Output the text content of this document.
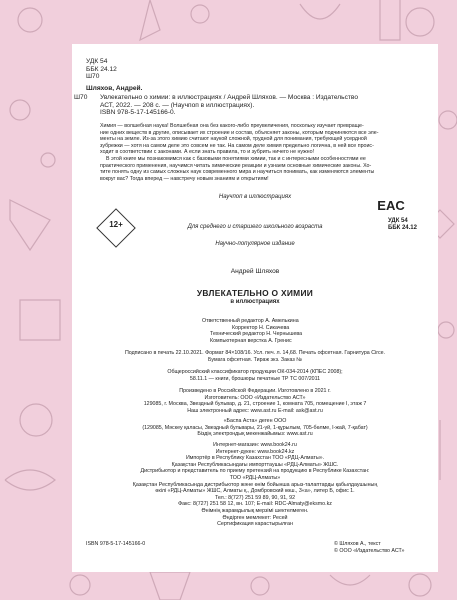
УДК 54
ББК 24.12
Ш70
Шляхов, Андрей.
Ш70 Увлекательно о химии: в иллюстрациях / Андрей Шляхов. — Москва : Издательство
АСТ, 2022. — 208 с. — (Научпоп в иллюстрациях).
ISBN 978-5-17-145166-0.
Химия — волшебная наука! Волшебная она без какого-либо преувеличения, поскольку изучает превраще-
ние одних веществ в другие, описывает их строение и состав, объясняет законы, которым подчиняются все эле-
менты на земле. Из-за этого химию считают наукой сложной, трудной для понимания, требующей усердной
зубрежки — хотя на самом деле это совсем не так. На самом деле химия предельно логична, в ней все проис-
ходит в соответствии с законами. А если знать правила, то и зубрить ничего не нужно!
В этой книге мы познакомимся как с базовыми понятиями химии, так и с интересными особенностями ее
практического применения, научимся читать химические реакции и узнаем основные химические законы. Хо-
тите понять одну из самых сложных наук современного мира и научиться понимать, как изменяются элементы
вокруг вас? Тогда вперед — навстречу новым знаниям и открытиям!
Научпоп в иллюстрациях
12+	Для среднего и старшего школьного возраста
Научно-популярное издание
EAC
УДК 54
ББК 24.12
Андрей Шляхов
УВЛЕКАТЕЛЬНО О ХИМИИ
в иллюстрациях
Ответственный редактор А. Амелькина
Корректор Н. Сикачева
Технический редактор Н. Чернышева
Компьютерная верстка А. Гренис
Подписано в печать 22.10.2021. Формат 84×108/16. Усл. печ. л. 14,68. Печать офсетная. Гарнитура Circe.
Бумага офсетная. Тираж экз. Заказ №
Общероссийский классификатор продукции ОК-034-2014 (КПЕС 2008);
58.11.1 — книги, брошюры печатные ТР ТС 007/2011
Произведено в Российской Федерации. Изготовлено в 2021 г.
Изготовитель: ООО «Издательство АСТ»
129085, г. Москва, Звездный бульвар, д. 21, строение 1, комната 705, помещение I, этаж 7
Наш электронный адрес: www.ast.ru E-mail: ask@ast.ru
«Баспа Аста» деген ООО
(129085, Мәскеу қаласы, Звездный бульвары, 21-үй, 1-құрылым, 705-бөлме, I-жай, 7-қабат)
Біздің электрондық мекенжайымыз: www.ast.ru
Интернет-магазин: www.book24.ru
Интернет-дүкен: www.book24.kz
Импортёр в Республику Казахстан ТОО «РДЦ-Алматы».
Қазақстан Республикасындағы импорттаушы «РДЦ-Алматы» ЖШС.
Дистрибьютор и представитель по приему претензий на продукцию в Республике Казахстан:
ТОО «РДЦ-Алматы»
Қазақстан Республикасында дистрибьютор және өнім бойынша арыз-талаптарды қабылдаушының
өкілі «РДЦ-Алматы» ЖШС, Алматы қ., Домбровский көш., 3«а», литер Б, офис 1.
Тел.: 8(727) 251 59 89, 90, 91, 92
Факс: 8(727) 251 58 12, вн. 107; E-mail: RDC-Almaty@eksmo.kz
Өнімнің жарамдылық мерзімі шектелмеген.
Өндірген мемлекет: Ресей
Сертификация карастырылған
ISBN 978-5-17-145166-0	© Шляхов А., текст
© ООО «Издательство АСТ»
